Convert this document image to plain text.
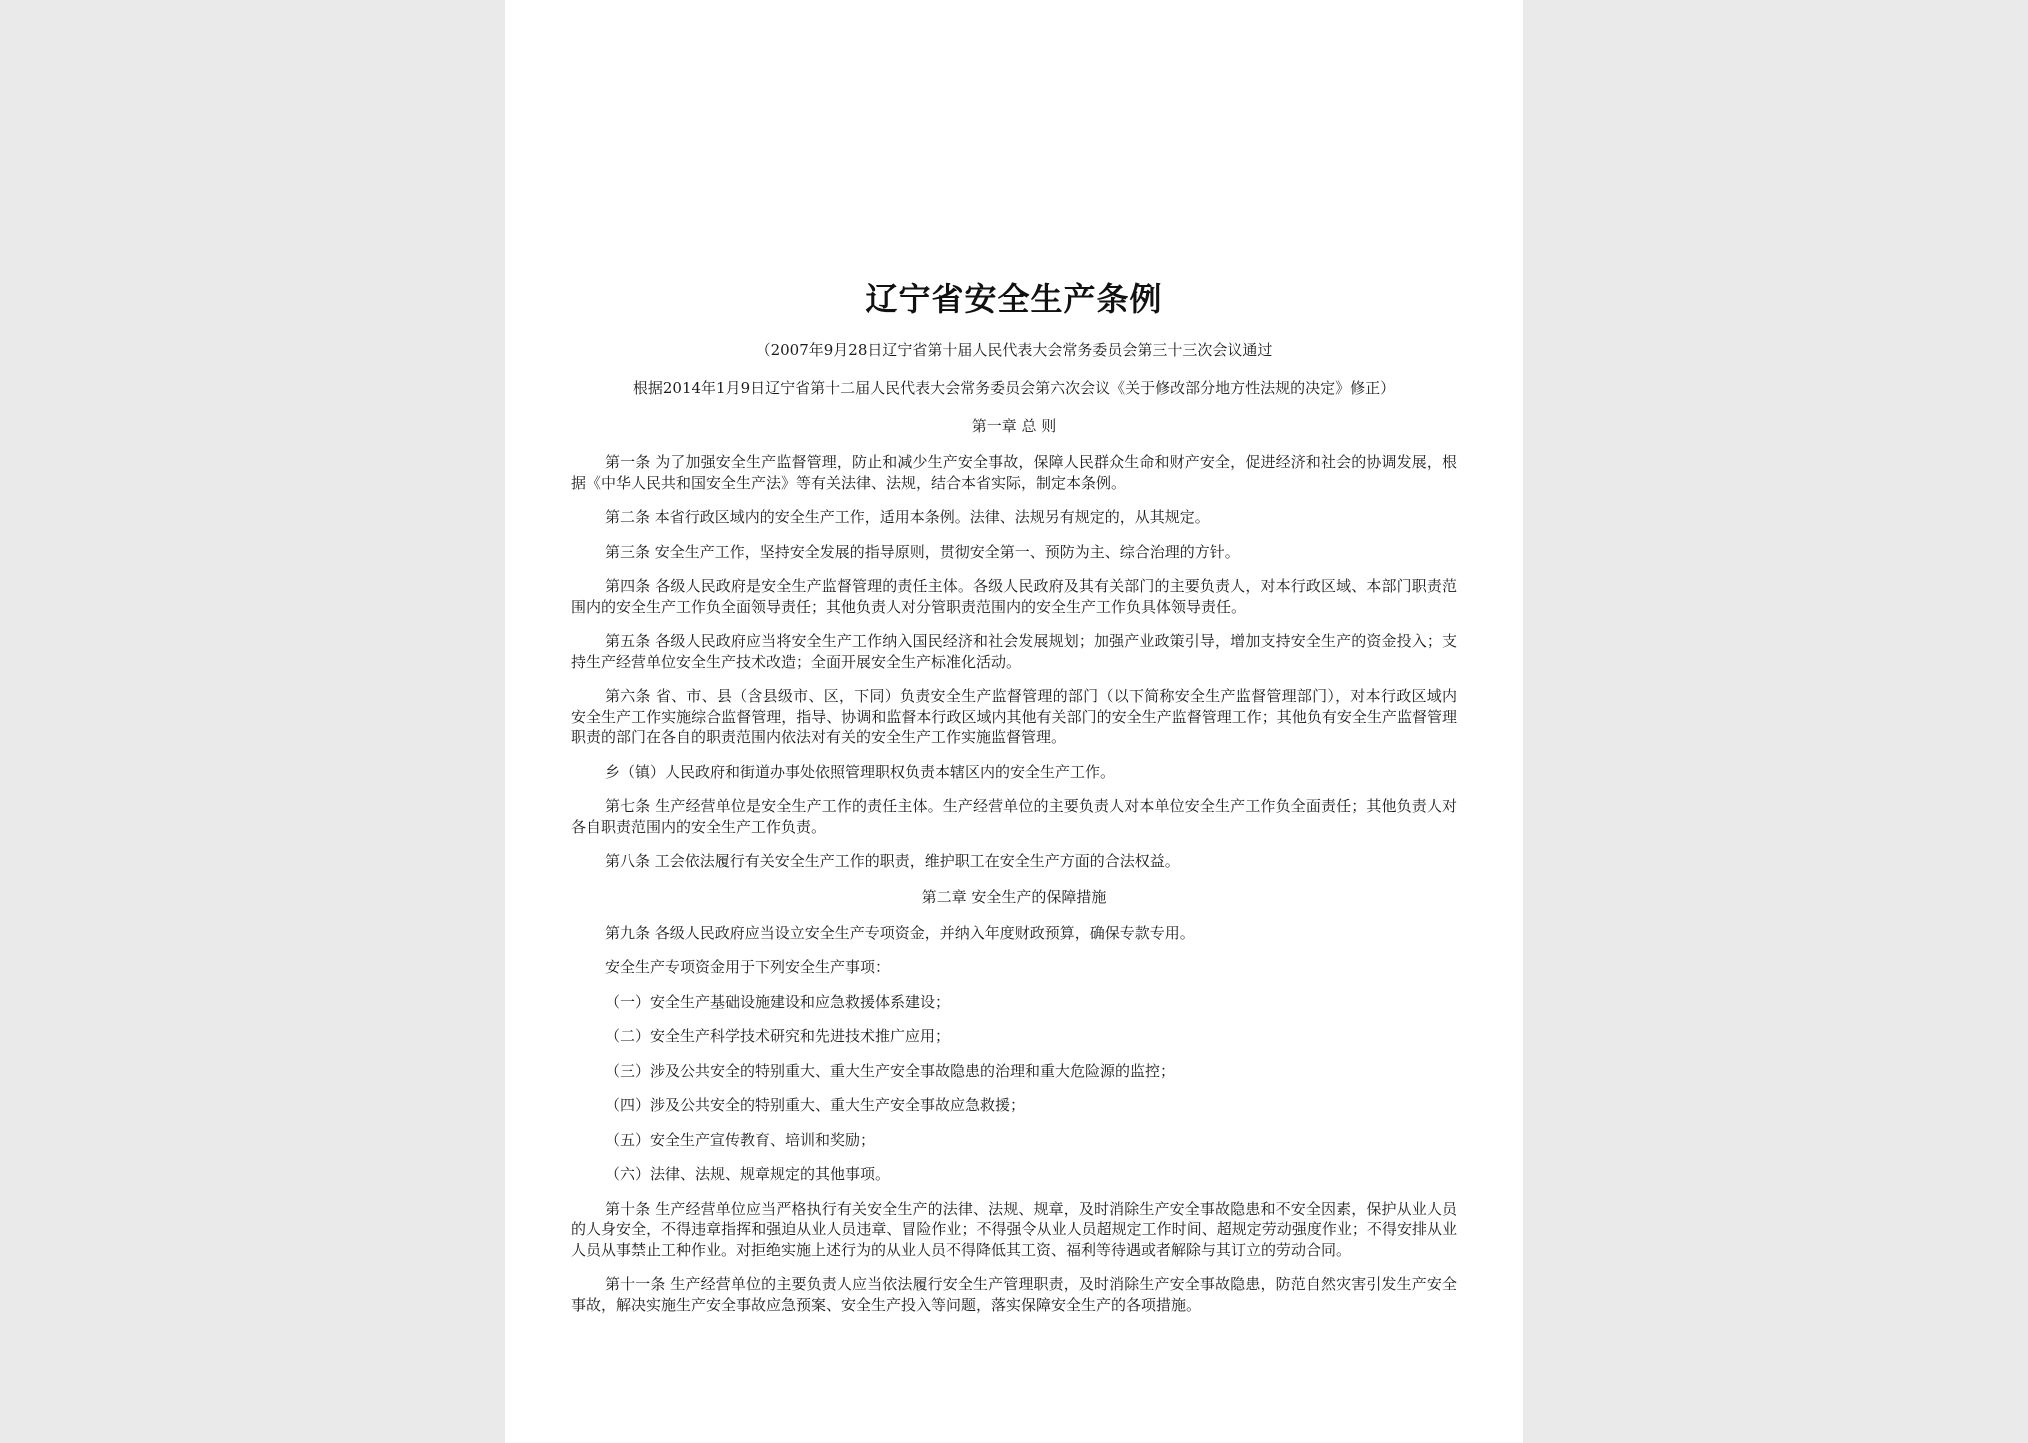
辽宁省安全生产条例
（2007年9月28日辽宁省第十届人民代表大会常务委员会第三十三次会议通过
根据2014年1月9日辽宁省第十二届人民代表大会常务委员会第六次会议《关于修改部分地方性法规的决定》修正）
第一章 总 则

第一条 为了加强安全生产监督管理，防止和减少生产安全事故，保障人民群众生命和财产安全，促进经济和社会的协调发展，根据《中华人民共和国安全生产法》等有关法律、法规，结合本省实际，制定本条例。

第二条 本省行政区域内的安全生产工作，适用本条例。法律、法规另有规定的，从其规定。

第三条 安全生产工作，坚持安全发展的指导原则，贯彻安全第一、预防为主、综合治理的方针。

第四条 各级人民政府是安全生产监督管理的责任主体。各级人民政府及其有关部门的主要负责人，对本行政区域、本部门职责范围内的安全生产工作负全面领导责任；其他负责人对分管职责范围内的安全生产工作负具体领导责任。

第五条 各级人民政府应当将安全生产工作纳入国民经济和社会发展规划；加强产业政策引导，增加支持安全生产的资金投入；支持生产经营单位安全生产技术改造；全面开展安全生产标准化活动。

第六条 省、市、县（含县级市、区，下同）负责安全生产监督管理的部门（以下简称安全生产监督管理部门），对本行政区域内安全生产工作实施综合监督管理，指导、协调和监督本行政区域内其他有关部门的安全生产监督管理工作；其他负有安全生产监督管理职责的部门在各自的职责范围内依法对有关的安全生产工作实施监督管理。

乡（镇）人民政府和街道办事处依照管理职权负责本辖区内的安全生产工作。

第七条 生产经营单位是安全生产工作的责任主体。生产经营单位的主要负责人对本单位安全生产工作负全面责任；其他负责人对各自职责范围内的安全生产工作负责。

第八条 工会依法履行有关安全生产工作的职责，维护职工在安全生产方面的合法权益。

第二章 安全生产的保障措施

第九条 各级人民政府应当设立安全生产专项资金，并纳入年度财政预算，确保专款专用。

安全生产专项资金用于下列安全生产事项：

（一）安全生产基础设施建设和应急救援体系建设；

（二）安全生产科学技术研究和先进技术推广应用；

（三）涉及公共安全的特别重大、重大生产安全事故隐患的治理和重大危险源的监控；

（四）涉及公共安全的特别重大、重大生产安全事故应急救援；

（五）安全生产宣传教育、培训和奖励；

（六）法律、法规、规章规定的其他事项。

第十条 生产经营单位应当严格执行有关安全生产的法律、法规、规章，及时消除生产安全事故隐患和不安全因素，保护从业人员的人身安全，不得违章指挥和强迫从业人员违章、冒险作业；不得强令从业人员超规定工作时间、超规定劳动强度作业；不得安排从业人员从事禁止工种作业。对拒绝实施上述行为的从业人员不得降低其工资、福利等待遇或者解除与其订立的劳动合同。

第十一条 生产经营单位的主要负责人应当依法履行安全生产管理职责，及时消除生产安全事故隐患，防范自然灾害引发生产安全事故，解决实施生产安全事故应急预案、安全生产投入等问题，落实保障安全生产的各项措施。
